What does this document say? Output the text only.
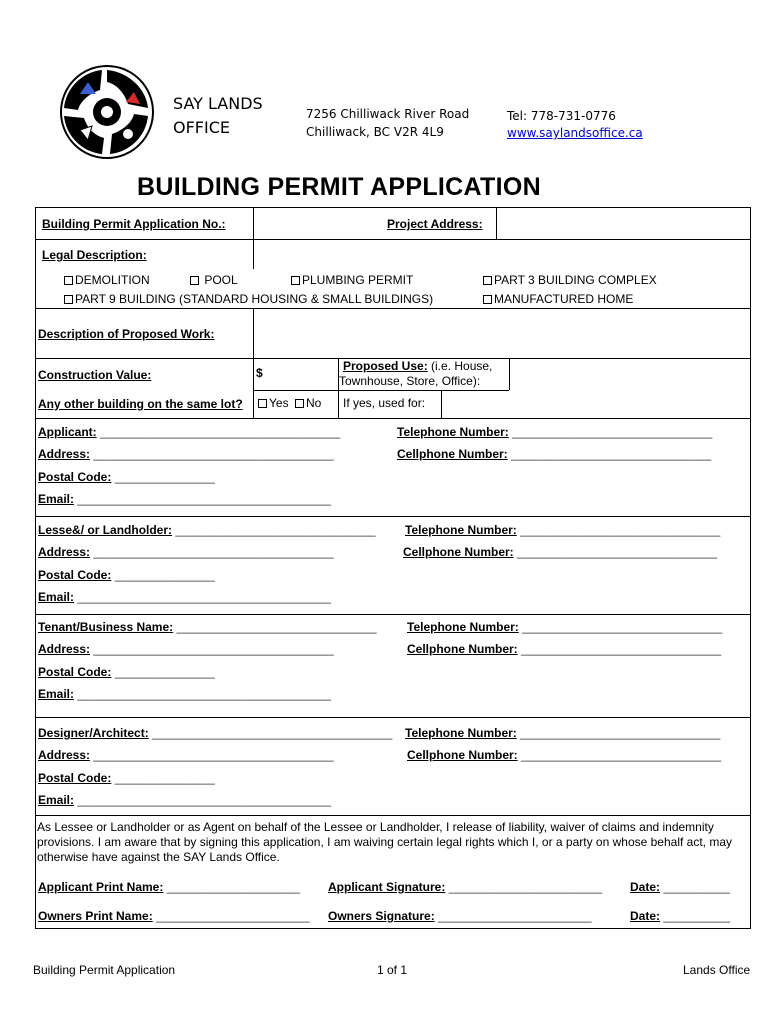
SAY LANDS
OFFICE
7256 Chilliwack River Road
Chilliwack, BC V2R 4L9
Tel: 778-731-0776
www.saylandsoffice.ca
BUILDING PERMIT APPLICATION
Building Permit Application No.:	Project Address:
Legal Description:
DEMOLITION	POOL	PLUMBING PERMIT	PART 3 BUILDING COMPLEX
PART 9 BUILDING (STANDARD HOUSING & SMALL BUILDINGS)	MANUFACTURED HOME
Description of Proposed Work:
Construction Value:	$	Proposed Use: (i.e. House,
Townhouse, Store, Office):
Any other building on the same lot?	Yes	No If yes, used for:
Applicant: ____________________________________	Telephone Number: ______________________________
Address: ____________________________________	Cellphone Number: ______________________________
Postal Code: _______________
Email: ______________________________________
Lesse&/ or Landholder: ______________________________ Telephone Number: ______________________________
Address: ____________________________________	Cellphone Number: ______________________________
Postal Code: _______________
Email: ______________________________________
Tenant/Business Name: ______________________________	Telephone Number: ______________________________
Address: ____________________________________	Cellphone Number: ______________________________
Postal Code: _______________
Email: ______________________________________
Designer/Architect: ____________________________________ Telephone Number: ______________________________
Address: ____________________________________	Cellphone Number: ______________________________
Postal Code: _______________
Email: ______________________________________
As Lessee or Landholder or as Agent on behalf of the Lessee or Landholder, I release of liability, waiver of claims and indemnity provisions. I am aware that by signing this application, I am waiving certain legal rights which I, or a party on whose behalf act, may otherwise have against the SAY Lands Office.
Applicant Print Name: ____________________ Applicant Signature: _______________________ Date: __________
Owners Print Name: _______________________ Owners Signature: _______________________	Date: __________
Building Permit Application	1 of 1	Lands Office
